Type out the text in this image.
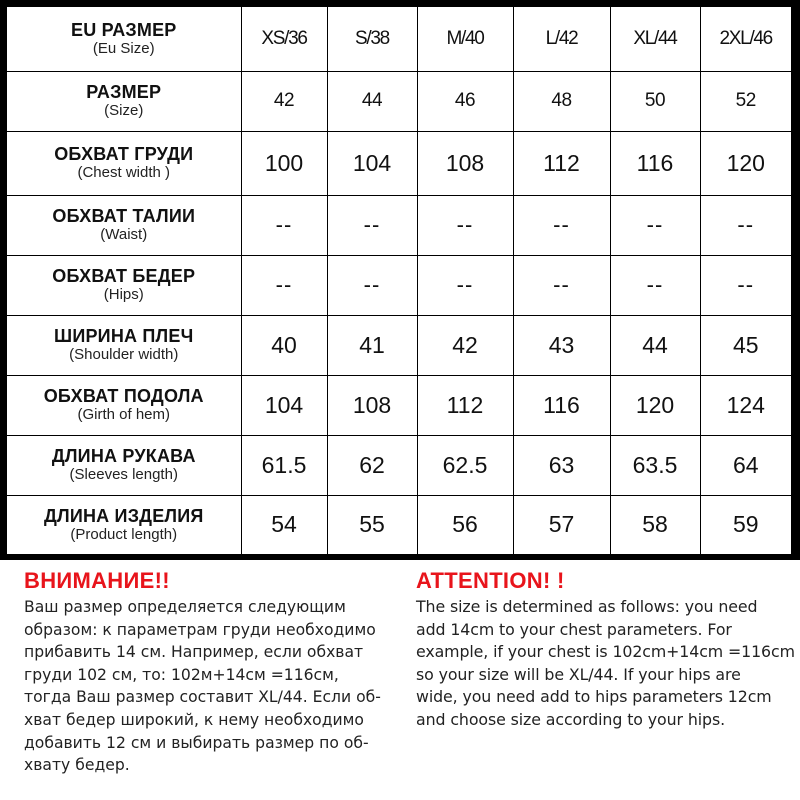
EU РАЗМЕР
(Eu Size)	XS/36	S/38	M/40	L/42	XL/44	2XL/46

РАЗМЕР
(Size)	42	44	46	48	50	52

ОБХВАТ ГРУДИ
(Chest width )	100	104	108	112	116	120

ОБХВАТ ТАЛИИ
(Waist)	--	--	--	--	--	--

ОБХВАТ БЕДЕР
(Hips)	--	--	--	--	--	--

ШИРИНА ПЛЕЧ
(Shoulder width)	40	41	42	43	44	45

ОБХВАТ ПОДОЛА
(Girth of hem)	104	108	112	116	120	124

ДЛИНА РУКАВА
(Sleeves length)	61.5	62	62.5	63	63.5	64

ДЛИНА ИЗДЕЛИЯ
(Product length)	54	55	56	57	58	59
ВНИМАНИЕ!!

Ваш размер определяется следующим
образом: к параметрам груди необходимо
прибавить 14 см. Например, если обхват
груди 102 см, то: 102м+14см =116см,
тогда Ваш размер составит XL/44. Если об-
хват бедер широкий, к нему необходимо
добавить 12 см и выбирать размер по об-
хвату бедер.

ATTENTION! !

The size is determined as follows: you need
add 14cm to your chest parameters. For
example, if your chest is 102cm+14cm =116cm
so your size will be XL/44. If your hips are
wide, you need add to hips parameters 12cm
and choose size according to your hips.
